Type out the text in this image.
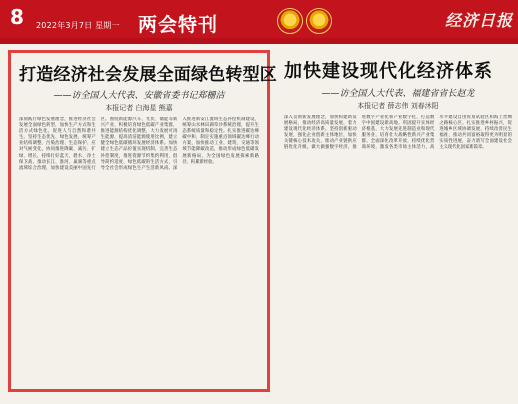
8 2022年3月7日 星期一 两会特刊	经济日报
打造经济社会发展全面绿色转型区
——访全国人大代表、安徽省委书记郑栅洁
本报记者 白海星 熊嘉
深刻践行绿色发展理念，推进经济社会发展全面绿色转型，加快生产方式和生活方式绿色化，促进人与自然和谐共生。坚持生态优先、绿色发展，统筹产业结构调整、污染治理、生态保护、应对气候变化，协同推进降碳、减污、扩绿、增长，持续打好蓝天、碧水、净土保卫战，推动长江、淮河、巢湖等重点流域综合治理，加快建设美丽中国先行区。围绕新能源汽车、光伏、储能等新兴产业，积极培育绿色低碳产业集群，推进能源结构优化调整，大力发展可再生能源，提高清洁能源使用比例，建立健全绿色低碳循环发展经济体系。加快建立生态产品价值实现机制，完善生态补偿制度，推进资源节约集约利用，倡导简约适度、绿色低碳的生活方式，引导全社会形成绿色生产生活新风尚。深入推进新安江流域生态补偿机制建设，统筹山水林田湖草沙系统治理，提升生态系统质量和稳定性。扎实推进碳达峰碳中和，制定实施重点领域碳达峰行动方案，加快推动工业、建筑、交通等领域节能降碳改造，推动形成绿色低碳发展新格局，为全国绿色发展探索新路径、积累新经验。
加快建设现代化经济体系
——访全国人大代表、福建省省长赵龙
本报记者 薛志伟 刘春沐阳
深入贯彻新发展理念，加快构建新发展格局，推动经济高质量发展，着力建设现代化经济体系。坚持创新驱动发展，强化企业创新主体地位，加快关键核心技术攻关，推动产业链供应链优化升级。做大做强数字经济，推进数字产业化和产业数字化，打造数字中国建设新高地。巩固提升实体经济根基，大力发展先进制造业和现代服务业，培育壮大战略性新兴产业集群。全面深化改革开放，持续优化营商环境，激发各类市场主体活力，高水平建设自由贸易试验区和海上丝绸之路核心区。扎实推进乡村振兴，促进城乡区域协调发展，持续改善民生福祉，推动共同富裕取得更为明显的实质性进展，奋力谱写全面建设社会主义现代化国家新篇章。
